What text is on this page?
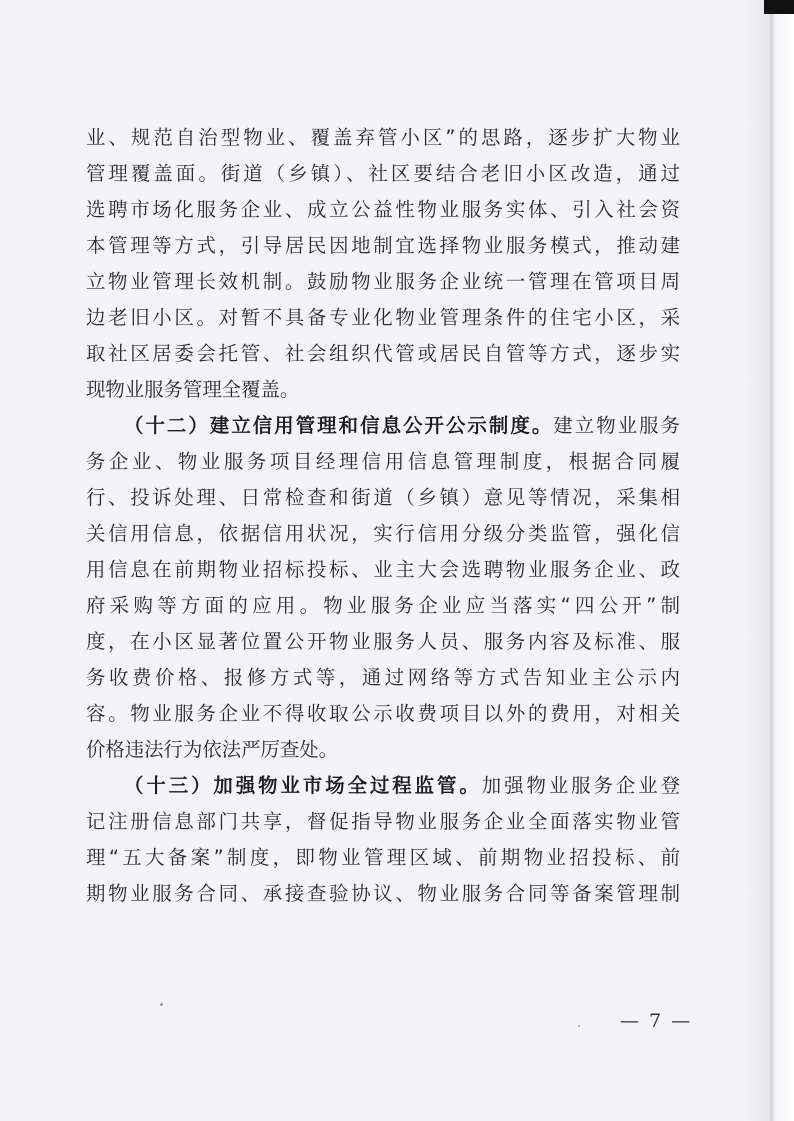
业、规范自治型物业、覆盖弃管小区”的思路，逐步扩大物业
管理覆盖面。街道（乡镇）、社区要结合老旧小区改造，通过
选聘市场化服务企业、成立公益性物业服务实体、引入社会资
本管理等方式，引导居民因地制宜选择物业服务模式，推动建
立物业管理长效机制。鼓励物业服务企业统一管理在管项目周
边老旧小区。对暂不具备专业化物业管理条件的住宅小区，采
取社区居委会托管、社会组织代管或居民自管等方式，逐步实
现物业服务管理全覆盖。
（十二）建立信用管理和信息公开公示制度。建立物业服务
务企业、物业服务项目经理信用信息管理制度，根据合同履
行、投诉处理、日常检查和街道（乡镇）意见等情况，采集相
关信用信息，依据信用状况，实行信用分级分类监管，强化信
用信息在前期物业招标投标、业主大会选聘物业服务企业、政
府采购等方面的应用。物业服务企业应当落实“四公开”制
度，在小区显著位置公开物业服务人员、服务内容及标准、服
务收费价格、报修方式等，通过网络等方式告知业主公示内
容。物业服务企业不得收取公示收费项目以外的费用，对相关
价格违法行为依法严厉查处。
（十三）加强物业市场全过程监管。加强物业服务企业登
记注册信息部门共享，督促指导物业服务企业全面落实物业管
理“五大备案”制度，即物业管理区域、前期物业招投标、前
期物业服务合同、承接查验协议、物业服务合同等备案管理制
— 7 —
